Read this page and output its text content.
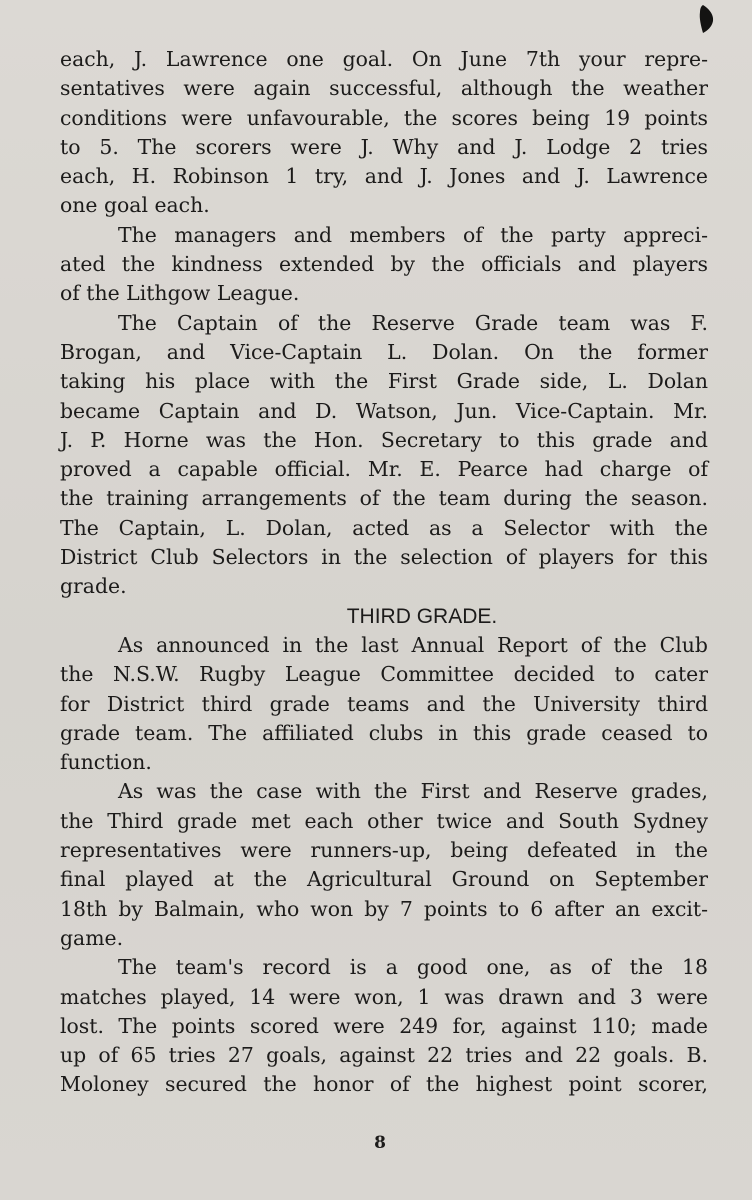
each, J. Lawrence one goal. On June 7th your repre-
sentatives were again successful, although the weather
conditions were unfavourable, the scores being 19 points
to 5. The scorers were J. Why and J. Lodge 2 tries
each, H. Robinson 1 try, and J. Jones and J. Lawrence
one goal each.
The managers and members of the party appreci-
ated the kindness extended by the officials and players
of the Lithgow League.
The Captain of the Reserve Grade team was F.
Brogan, and Vice-Captain L. Dolan. On the former
taking his place with the First Grade side, L. Dolan
became Captain and D. Watson, Jun. Vice-Captain. Mr.
J. P. Horne was the Hon. Secretary to this grade and
proved a capable official. Mr. E. Pearce had charge of
the training arrangements of the team during the season.
The Captain, L. Dolan, acted as a Selector with the
District Club Selectors in the selection of players for this
grade.
THIRD GRADE.
As announced in the last Annual Report of the Club
the N.S.W. Rugby League Committee decided to cater
for District third grade teams and the University third
grade team. The affiliated clubs in this grade ceased to
function.
As was the case with the First and Reserve grades,
the Third grade met each other twice and South Sydney
representatives were runners-up, being defeated in the
final played at the Agricultural Ground on September
18th by Balmain, who won by 7 points to 6 after an excit-
game.
The team's record is a good one, as of the 18
matches played, 14 were won, 1 was drawn and 3 were
lost. The points scored were 249 for, against 110; made
up of 65 tries 27 goals, against 22 tries and 22 goals. B.
Moloney secured the honor of the highest point scorer,
8
